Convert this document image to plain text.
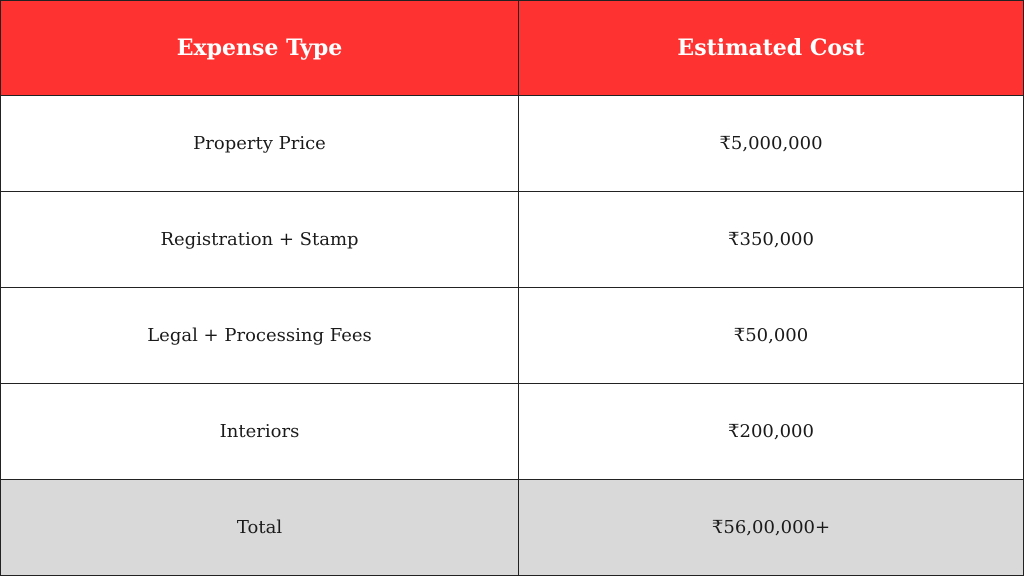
Expense Type	Estimated Cost
Property Price	₹5,000,000
Registration + Stamp	₹350,000
Legal + Processing Fees	₹50,000
Interiors	₹200,000
Total	₹56,00,000+
